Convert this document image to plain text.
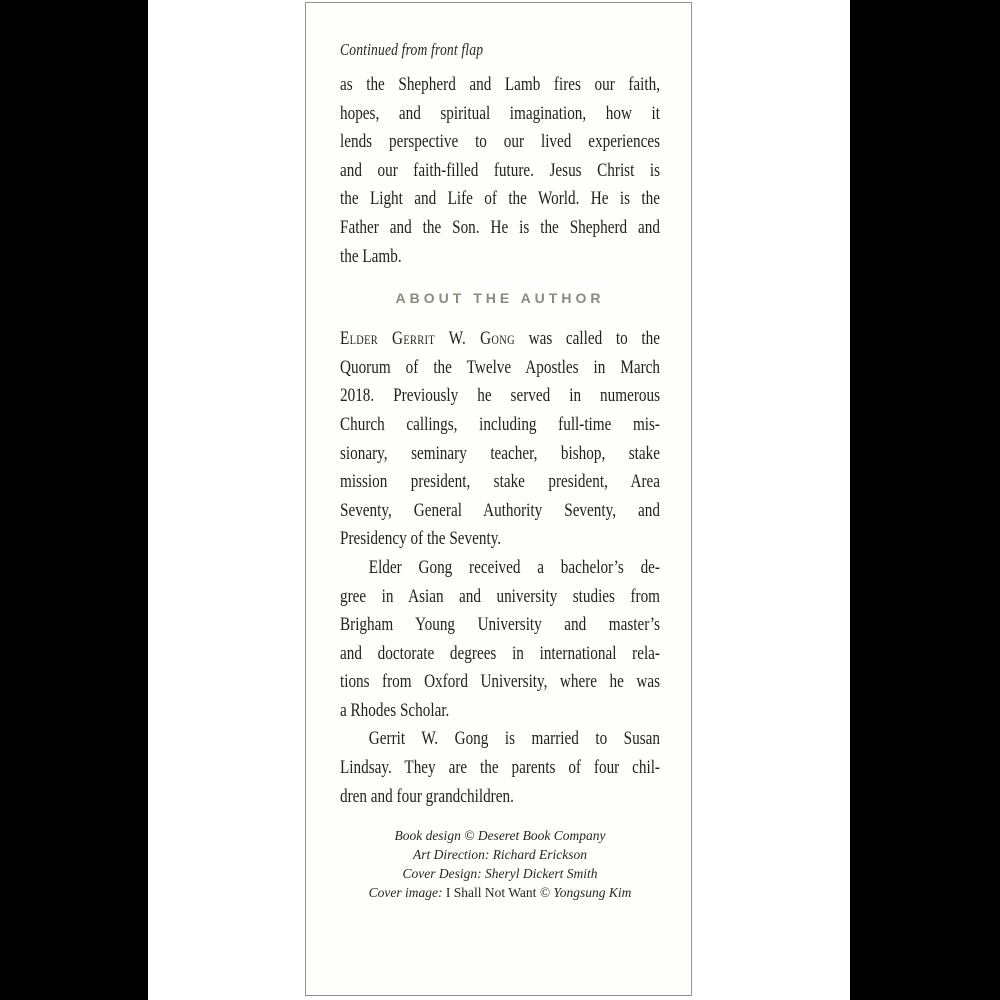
Continued from front flap
as the Shepherd and Lamb fires our faith,
hopes, and spiritual imagination, how it
lends perspective to our lived experiences
and our faith-filled future. Jesus Christ is
the Light and Life of the World. He is the
Father and the Son. He is the Shepherd and
the Lamb.
ABOUT THE AUTHOR
Elder Gerrit W. Gong was called to the
Quorum of the Twelve Apostles in March
2018. Previously he served in numerous
Church callings, including full-time mis-
sionary, seminary teacher, bishop, stake
mission president, stake president, Area
Seventy, General Authority Seventy, and
Presidency of the Seventy.
Elder Gong received a bachelor’s de-
gree in Asian and university studies from
Brigham Young University and master’s
and doctorate degrees in international rela-
tions from Oxford University, where he was
a Rhodes Scholar.
Gerrit W. Gong is married to Susan
Lindsay. They are the parents of four chil-
dren and four grandchildren.
Book design © Deseret Book Company
Art Direction: Richard Erickson
Cover Design: Sheryl Dickert Smith
Cover image: I Shall Not Want © Yongsung Kim
